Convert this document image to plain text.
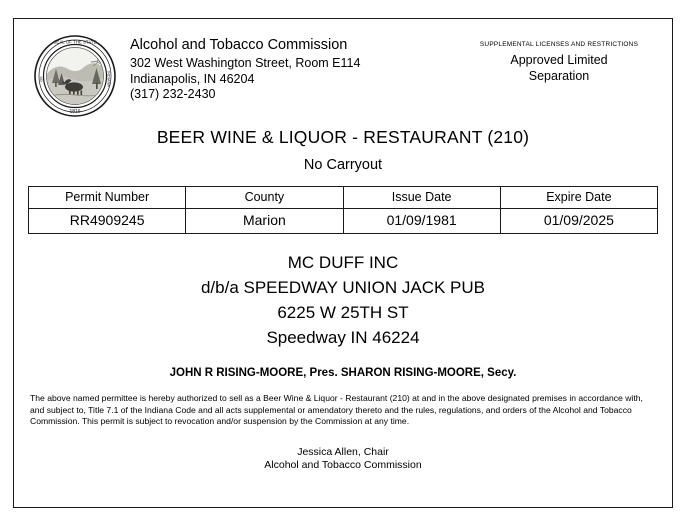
SEAL OF THE STATE
1816
OF	INDIANA
Alcohol and Tobacco Commission
302 West Washington Street, Room E114
Indianapolis, IN 46204
(317) 232-2430
SUPPLEMENTAL LICENSES AND RESTRICTIONS
Approved Limited
Separation
BEER WINE & LIQUOR - RESTAURANT (210)
No Carryout
Permit Number	County	Issue Date	Expire Date
RR4909245	Marion	01/09/1981	01/09/2025
MC DUFF INC
d/b/a SPEEDWAY UNION JACK PUB
6225 W 25TH ST
Speedway IN 46224
JOHN R RISING-MOORE, Pres. SHARON RISING-MOORE, Secy.
The above named permittee is hereby authorized to sell as a Beer Wine & Liquor - Restaurant (210) at and in the above designated premises in accordance with, and subject to, Title 7.1 of the Indiana Code and all acts supplemental or amendatory thereto and the rules, regulations, and orders of the Alcohol and Tobacco Commission. This permit is subject to revocation and/or suspension by the Commission at any time.
Jessica Allen, Chair
Alcohol and Tobacco Commission
